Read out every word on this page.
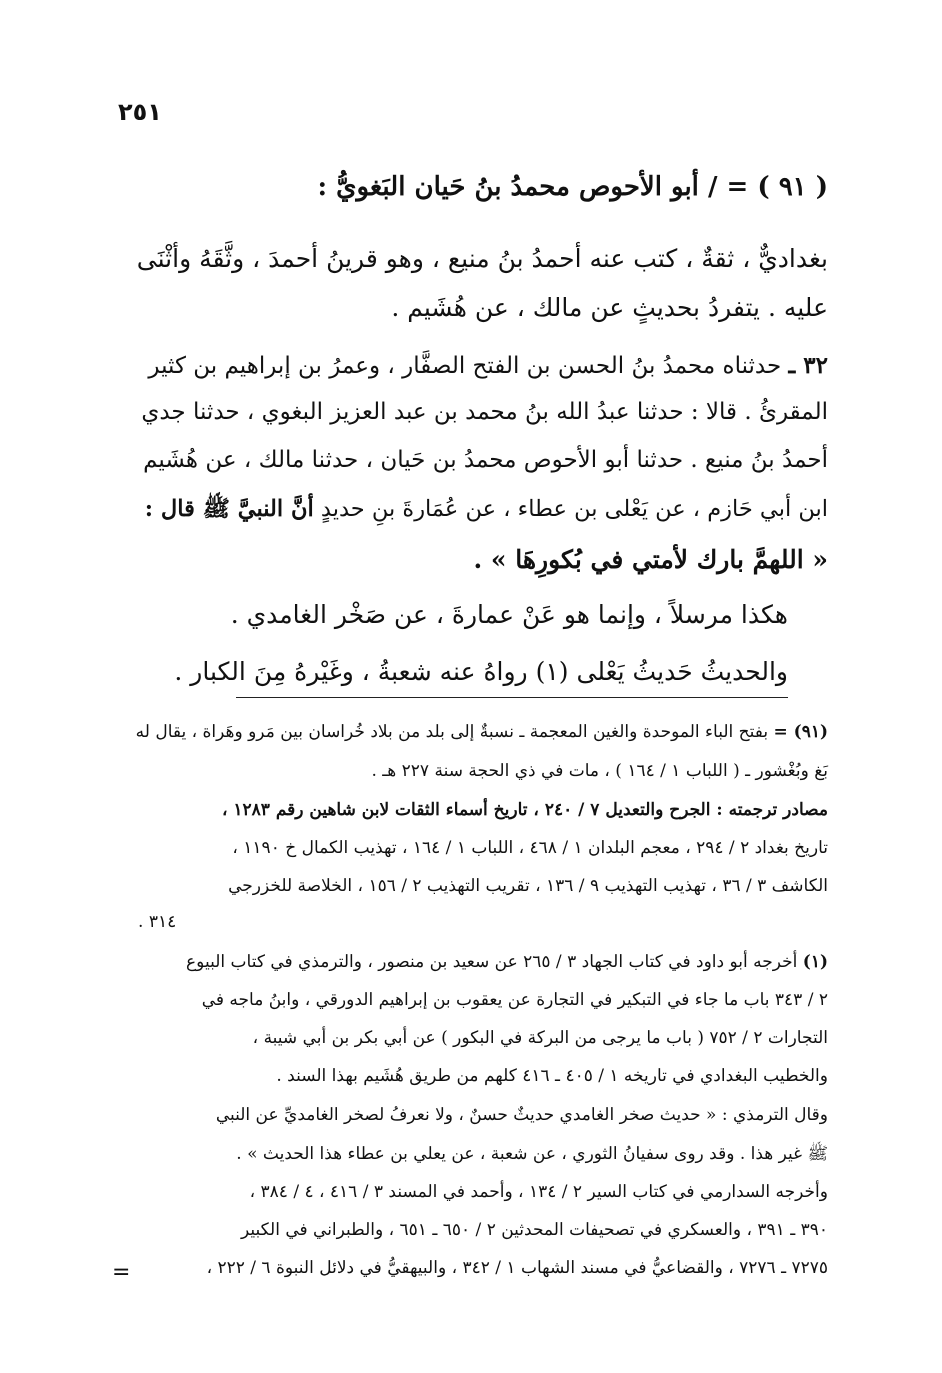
٢٥١
( ٩١ ) = / أبو الأحوص محمدُ بنُ حَيان البَغويُّ :
بغداديٌّ ، ثقةٌ ، كتب عنه أحمدُ بنُ منيع ، وهو قرينُ أحمدَ ، وثَّقَهُ وأثْنَى
عليه . يتفردُ بحديثٍ عن مالك ، عن هُشَيم .
٣٢ ـ حدثناه محمدُ بنُ الحسن بن الفتح الصفَّار ، وعمرُ بن إبراهيم بن كثير
المقرئُ . قالا : حدثنا عبدُ الله بنُ محمد بن عبد العزيز البغوي ، حدثنا جدي
أحمدُ بنُ منيع . حدثنا أبو الأحوص محمدُ بن حَيان ، حدثنا مالك ، عن هُشَيم
ابن أبي حَازم ، عن يَعْلى بن عطاء ، عن عُمَارةَ بنِ حديدٍ أنَّ النبيَّ ﷺ قال :
« اللهمَّ بارك لأمتي في بُكورِهَا » .
هكذا مرسلاً ، وإنما هو عَنْ عمارةَ ، عن صَخْر الغامدي .
والحديثُ حَديثُ يَعْلى (١) رواهُ عنه شعبةُ ، وغَيْرهُ مِنَ الكبار .
(٩١) = بفتح الباء الموحدة والغين المعجمة ـ نسبةٌ إلى بلد من بلاد خُراسان بين مَرو وهَراة ، يقال له
بَغ وبُغْشور ـ ( اللباب ١ / ١٦٤ ) ، مات في ذي الحجة سنة ٢٢٧ هـ .
مصادر ترجمته : الجرح والتعديل ٧ / ٢٤٠ ، تاريخ أسماء الثقات لابن شاهين رقم ١٢٨٣ ،
تاريخ بغداد ٢ / ٢٩٤ ، معجم البلدان ١ / ٤٦٨ ، اللباب ١ / ١٦٤ ، تهذيب الكمال خ ١١٩٠ ،
الكاشف ٣ / ٣٦ ، تهذيب التهذيب ٩ / ١٣٦ ، تقريب التهذيب ٢ / ١٥٦ ، الخلاصة للخزرجي
٣١٤ .
(١) أخرجه أبو داود في كتاب الجهاد ٣ / ٢٦٥ عن سعيد بن منصور ، والترمذي في كتاب البيوع
٢ / ٣٤٣ باب ما جاء في التبكير في التجارة عن يعقوب بن إبراهيم الدورقي ، وابنُ ماجه في
التجارات ٢ / ٧٥٢ ( باب ما يرجى من البركة في البكور ) عن أبي بكر بن أبي شيبة ،
والخطيب البغدادي في تاريخه ١ / ٤٠٥ ـ ٤١٦ كلهم من طريق هُشَيم بهذا السند .
وقال الترمذي : « حديث صخر الغامدي حديثٌ حسنٌ ، ولا نعرفُ لصخر الغامديِّ عن النبي
ﷺ غير هذا . وقد روى سفيانُ الثوري ، عن شعبة ، عن يعلي بن عطاء هذا الحديث » .
وأخرجه السدارمي في كتاب السير ٢ / ١٣٤ ، وأحمد في المسند ٣ / ٤١٦ ، ٤ / ٣٨٤ ،
٣٩٠ ـ ٣٩١ ، والعسكري في تصحيفات المحدثين ٢ / ٦٥٠ ـ ٦٥١ ، والطبراني في الكبير
٧٢٧٥ ـ ٧٢٧٦ ، والقضاعيُّ في مسند الشهاب ١ / ٣٤٢ ، والبيهقيُّ في دلائل النبوة ٦ / ٢٢٢ ،
=
